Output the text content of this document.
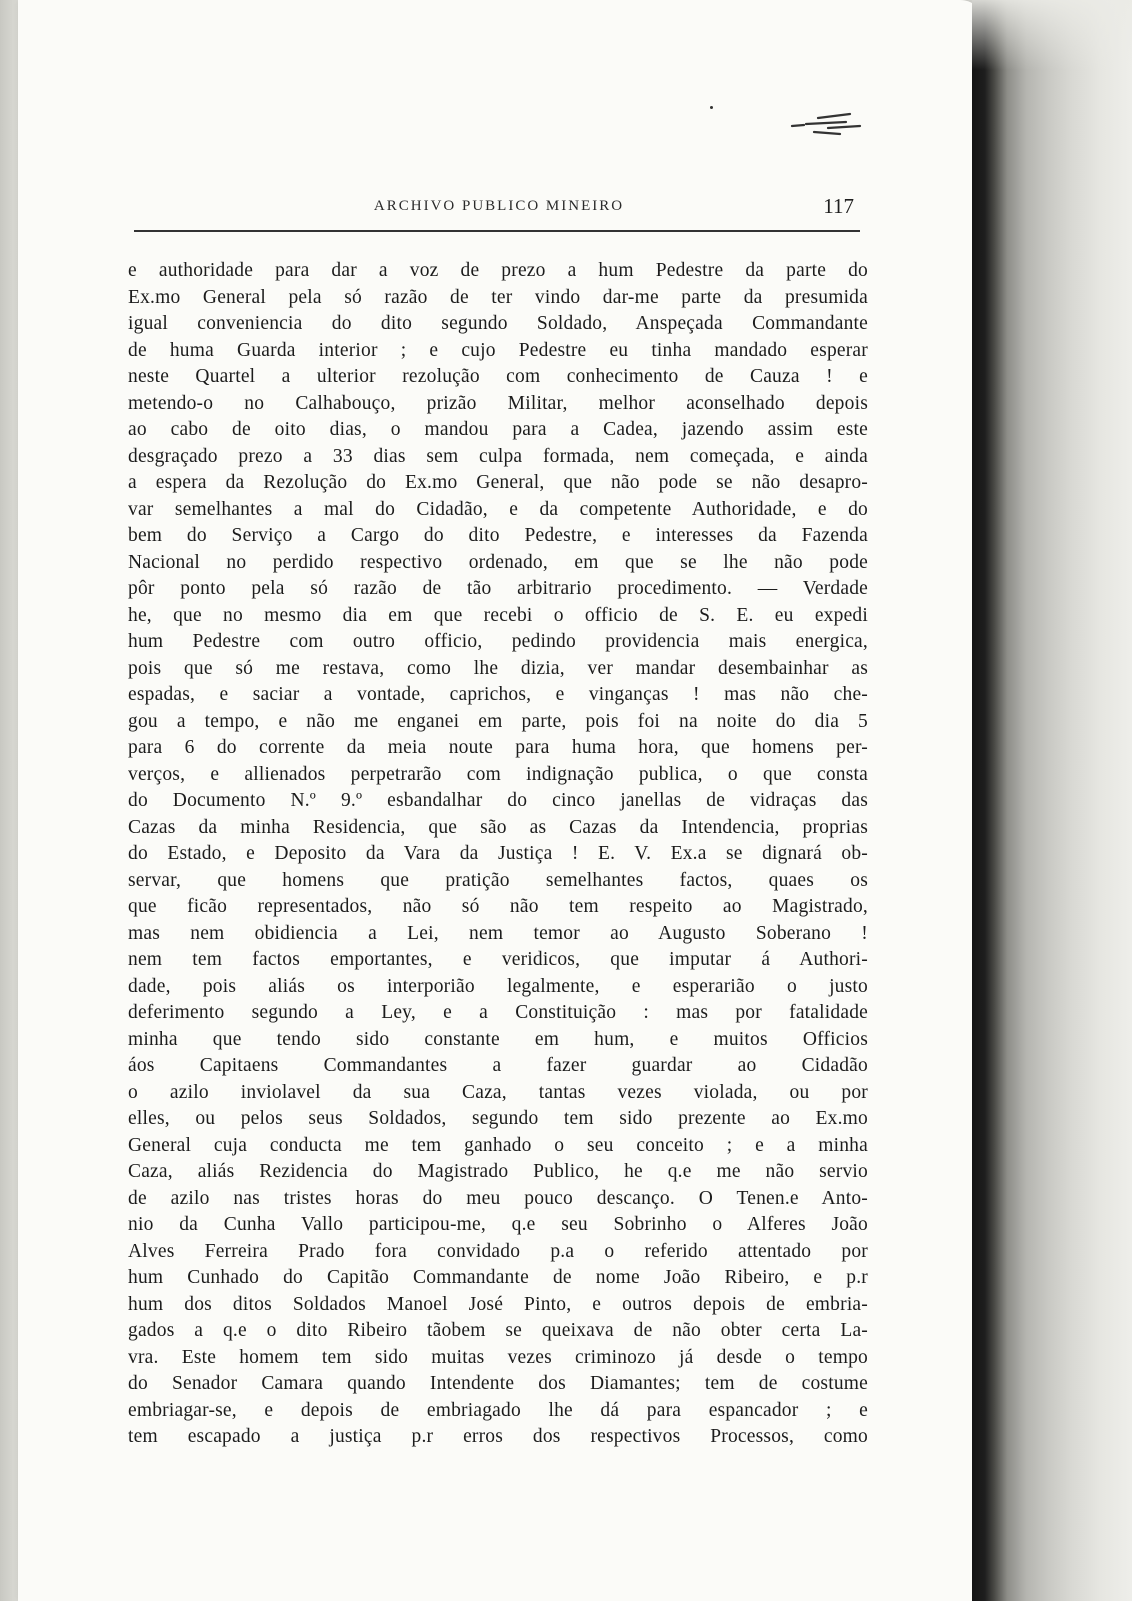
ARCHIVO PUBLICO MINEIRO	117
e authoridade para dar a voz de prezo a hum Pedestre da parte do
Ex.mo General pela só razão de ter vindo dar-me parte da presumida
igual conveniencia do dito segundo Soldado, Anspeçada Commandante
de huma Guarda interior ; e cujo Pedestre eu tinha mandado esperar
neste Quartel a ulterior rezolução com conhecimento de Cauza ! e
metendo-o no Calhabouço, prizão Militar, melhor aconselhado depois
ao cabo de oito dias, o mandou para a Cadea, jazendo assim este
desgraçado prezo a 33 dias sem culpa formada, nem começada, e ainda
a espera da Rezolução do Ex.mo General, que não pode se não desapro-
var semelhantes a mal do Cidadão, e da competente Authoridade, e do
bem do Serviço a Cargo do dito Pedestre, e interesses da Fazenda
Nacional no perdido respectivo ordenado, em que se lhe não pode
pôr ponto pela só razão de tão arbitrario procedimento. — Verdade
he, que no mesmo dia em que recebi o officio de S. E. eu expedi
hum Pedestre com outro officio, pedindo providencia mais energica,
pois que só me restava, como lhe dizia, ver mandar desembainhar as
espadas, e saciar a vontade, caprichos, e vinganças ! mas não che-
gou a tempo, e não me enganei em parte, pois foi na noite do dia 5
para 6 do corrente da meia noute para huma hora, que homens per-
verços, e allienados perpetrarão com indignação publica, o que consta
do Documento N.º 9.º esbandalhar do cinco janellas de vidraças das
Cazas da minha Residencia, que são as Cazas da Intendencia, proprias
do Estado, e Deposito da Vara da Justiça ! E. V. Ex.a se dignará ob-
servar, que homens que pratição semelhantes factos, quaes os
que ficão representados, não só não tem respeito ao Magistrado,
mas nem obidiencia a Lei, nem temor ao Augusto Soberano !
nem tem factos emportantes, e veridicos, que imputar á Authori-
dade, pois aliás os interporião legalmente, e esperarião o justo
deferimento segundo a Ley, e a Constituição : mas por fatalidade
minha que tendo sido constante em hum, e muitos Officios
áos Capitaens Commandantes a fazer guardar ao Cidadão
o azilo inviolavel da sua Caza, tantas vezes violada, ou por
elles, ou pelos seus Soldados, segundo tem sido prezente ao Ex.mo
General cuja conducta me tem ganhado o seu conceito ; e a minha
Caza, aliás Rezidencia do Magistrado Publico, he q.e me não servio
de azilo nas tristes horas do meu pouco descanço. O Tenen.e Anto-
nio da Cunha Vallo participou-me, q.e seu Sobrinho o Alferes João
Alves Ferreira Prado fora convidado p.a o referido attentado por
hum Cunhado do Capitão Commandante de nome João Ribeiro, e p.r
hum dos ditos Soldados Manoel José Pinto, e outros depois de embria-
gados a q.e o dito Ribeiro tãobem se queixava de não obter certa La-
vra. Este homem tem sido muitas vezes criminozo já desde o tempo
do Senador Camara quando Intendente dos Diamantes; tem de costume
embriagar-se, e depois de embriagado lhe dá para espancador ; e
tem escapado a justiça p.r erros dos respectivos Processos, como
